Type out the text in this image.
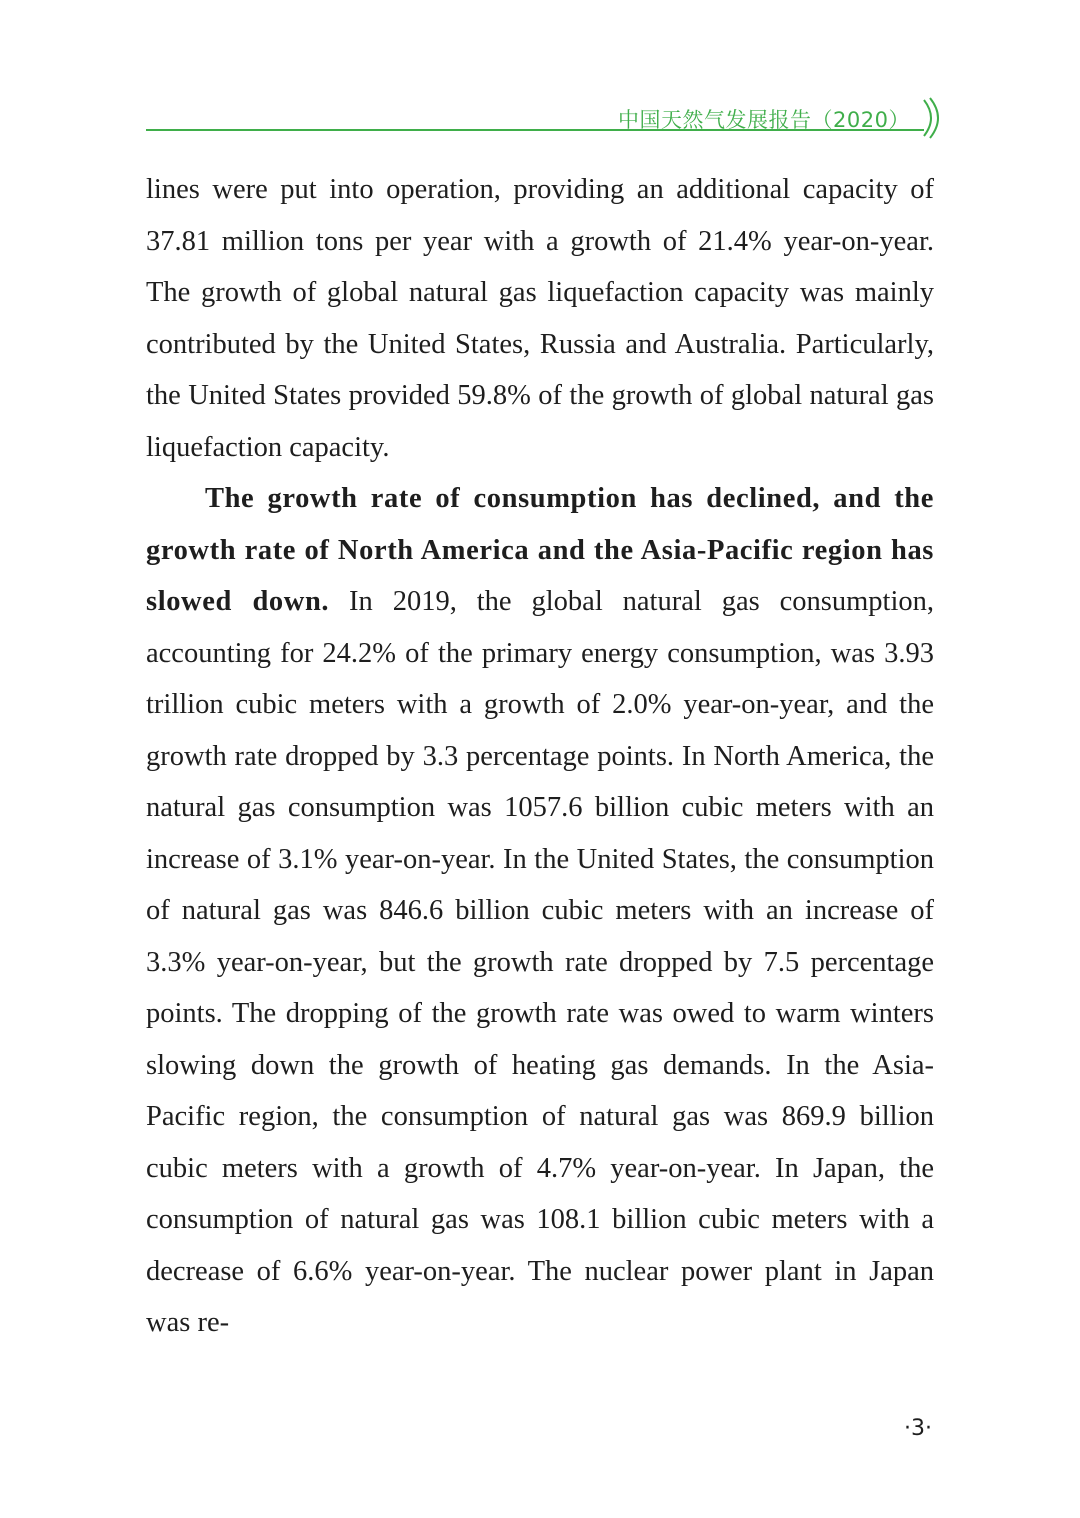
中国天然气发展报告（2020）

lines were put into operation, providing an additional capacity of 37.81 million tons per year with a growth of 21.4% year-on-year. The growth of global natural gas liquefaction capacity was mainly contributed by the United States, Russia and Australia. Particularly, the United States provided 59.8% of the growth of global natural gas liquefaction capacity.

The growth rate of consumption has declined, and the growth rate of North America and the Asia-Pacific region has slowed down. In 2019, the global natural gas consumption, accounting for 24.2% of the primary energy consumption, was 3.93 trillion cubic meters with a growth of 2.0% year-on-year, and the growth rate dropped by 3.3 percentage points. In North America, the natural gas consumption was 1057.6 billion cubic meters with an increase of 3.1% year-on-year. In the United States, the consumption of natural gas was 846.6 billion cubic meters with an increase of 3.3% year-on-year, but the growth rate dropped by 7.5 percentage points. The dropping of the growth rate was owed to warm winters slowing down the growth of heating gas demands. In the Asia-Pacific region, the consumption of natural gas was 869.9 billion cubic meters with a growth of 4.7% year-on-year. In Japan, the consumption of natural gas was 108.1 billion cubic meters with a decrease of 6.6% year-on-year. The nuclear power plant in Japan was re-

·3·
